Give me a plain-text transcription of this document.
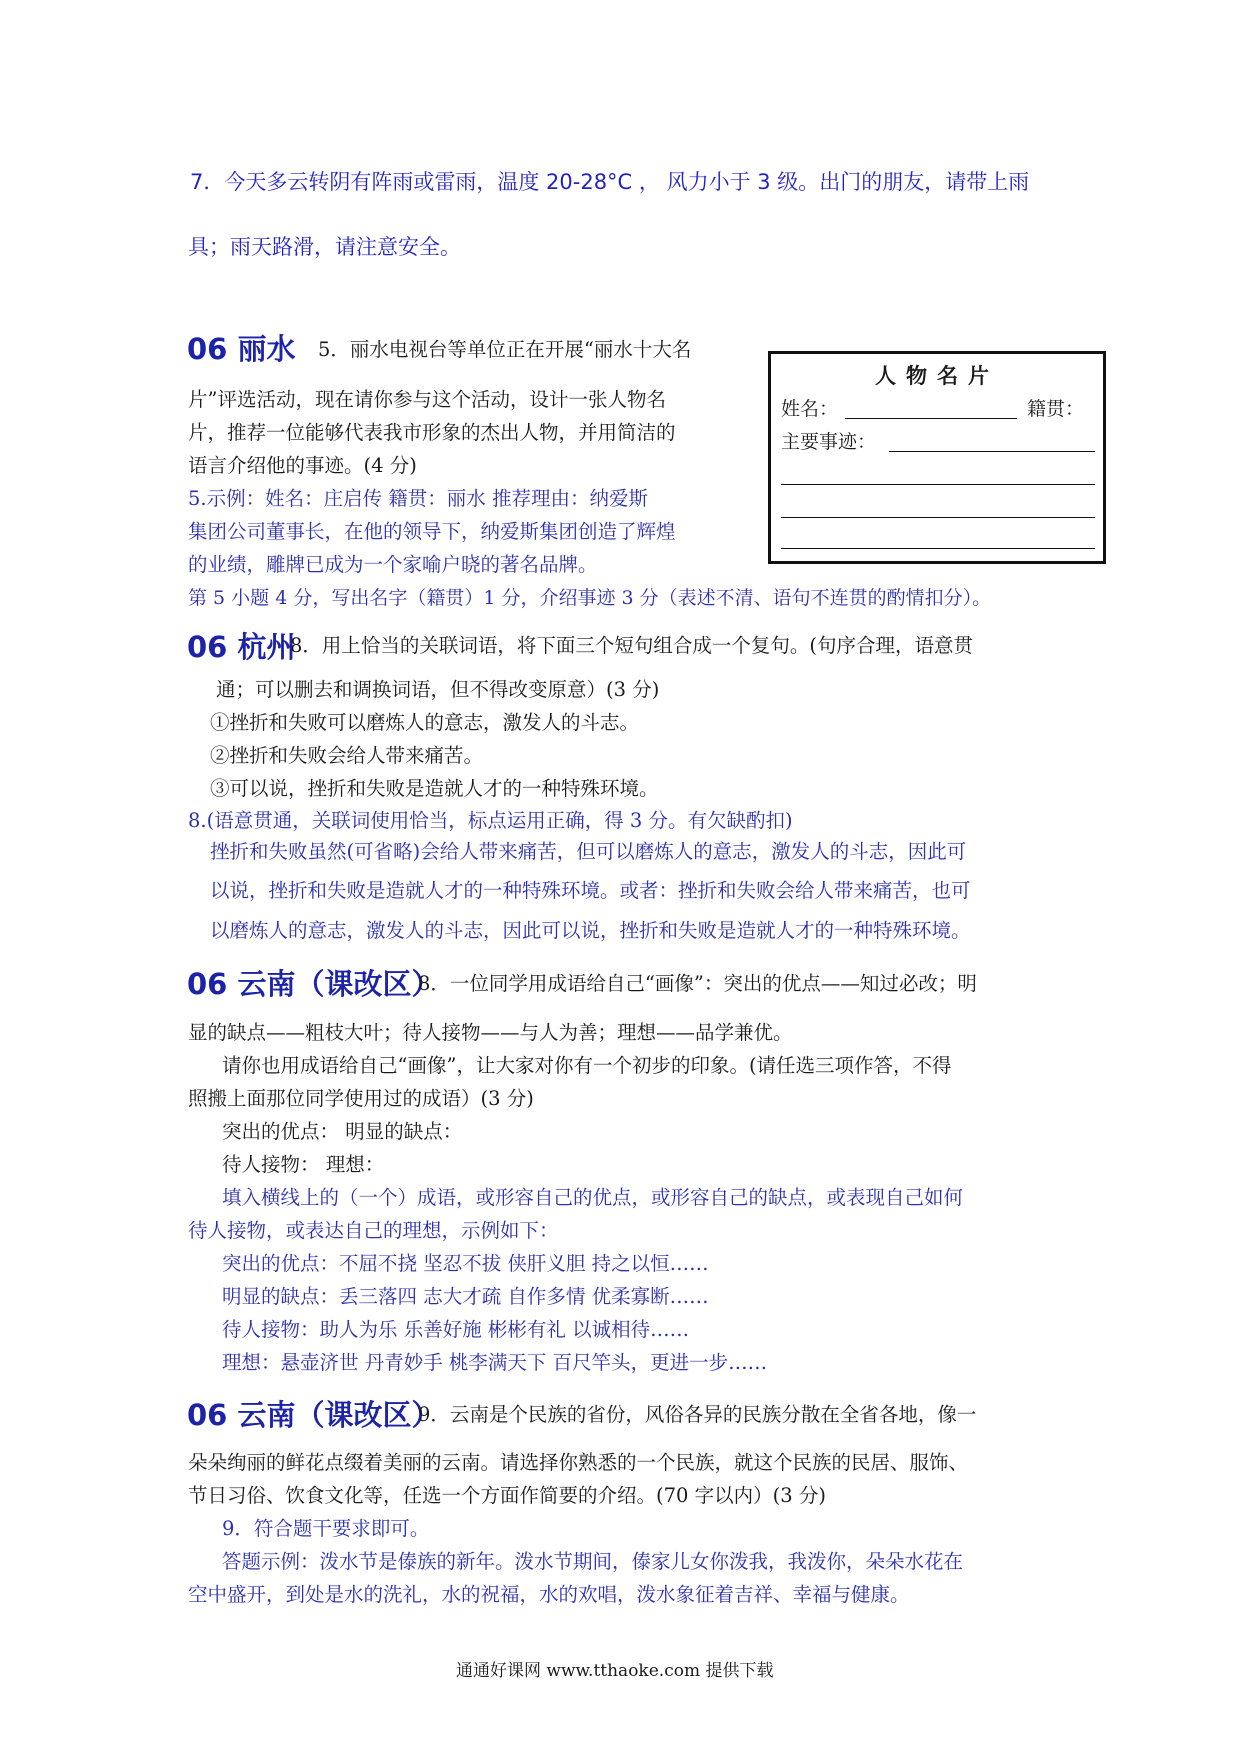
7．今天多云转阴有阵雨或雷雨，温度 20-28°C ， 风力小于 3 级。出门的朋友，请带上雨
具；雨天路滑，请注意安全。
06 丽水 5．丽水电视台等单位正在开展“丽水十大名
片”评选活动，现在请你参与这个活动，设计一张人物名
片，推荐一位能够代表我市形象的杰出人物，并用简洁的
语言介绍他的事迹。(4 分)
5.示例：姓名：庄启传 籍贯：丽水 推荐理由：纳爱斯
集团公司董事长，在他的领导下，纳爱斯集团创造了辉煌
的业绩，雕牌已成为一个家喻户晓的著名品牌。
第 5 小题 4 分，写出名字（籍贯）1 分，介绍事迹 3 分（表述不清、语句不连贯的酌情扣分）。
人物名片
姓名：	籍贯：
主要事迹：
06 杭州
8．用上恰当的关联词语，将下面三个短句组合成一个复句。(句序合理，语意贯
通；可以删去和调换词语，但不得改变原意）(3 分)
①挫折和失败可以磨炼人的意志，激发人的斗志。
②挫折和失败会给人带来痛苦。
③可以说，挫折和失败是造就人才的一种特殊环境。
8.(语意贯通，关联词使用恰当，标点运用正确，得 3 分。有欠缺酌扣)
挫折和失败虽然(可省略)会给人带来痛苦，但可以磨炼人的意志，激发人的斗志，因此可
以说，挫折和失败是造就人才的一种特殊环境。或者：挫折和失败会给人带来痛苦，也可
以磨炼人的意志，激发人的斗志，因此可以说，挫折和失败是造就人才的一种特殊环境。
06 云南（课改区）
8．一位同学用成语给自己“画像”：突出的优点——知过必改；明
显的缺点——粗枝大叶；待人接物——与人为善；理想——品学兼优。
请你也用成语给自己“画像”，让大家对你有一个初步的印象。(请任选三项作答，不得
照搬上面那位同学使用过的成语）(3 分)
突出的优点： 明显的缺点：
待人接物： 理想：
填入横线上的（一个）成语，或形容自己的优点，或形容自己的缺点，或表现自己如何
待人接物，或表达自己的理想，示例如下：
突出的优点：不屈不挠 坚忍不拔 侠肝义胆 持之以恒……
明显的缺点：丢三落四 志大才疏 自作多情 优柔寡断……
待人接物：助人为乐 乐善好施 彬彬有礼 以诚相待……
理想：悬壶济世 丹青妙手 桃李满天下 百尺竿头，更进一步……
06 云南（课改区）
9．云南是个民族的省份，风俗各异的民族分散在全省各地，像一
朵朵绚丽的鲜花点缀着美丽的云南。请选择你熟悉的一个民族，就这个民族的民居、服饰、
节日习俗、饮食文化等，任选一个方面作简要的介绍。(70 字以内）(3 分)
9．符合题干要求即可。
答题示例：泼水节是傣族的新年。泼水节期间，傣家儿女你泼我，我泼你，朵朵水花在
空中盛开，到处是水的洗礼，水的祝福，水的欢唱，泼水象征着吉祥、幸福与健康。
通通好课网 www.tthaoke.com 提供下载
